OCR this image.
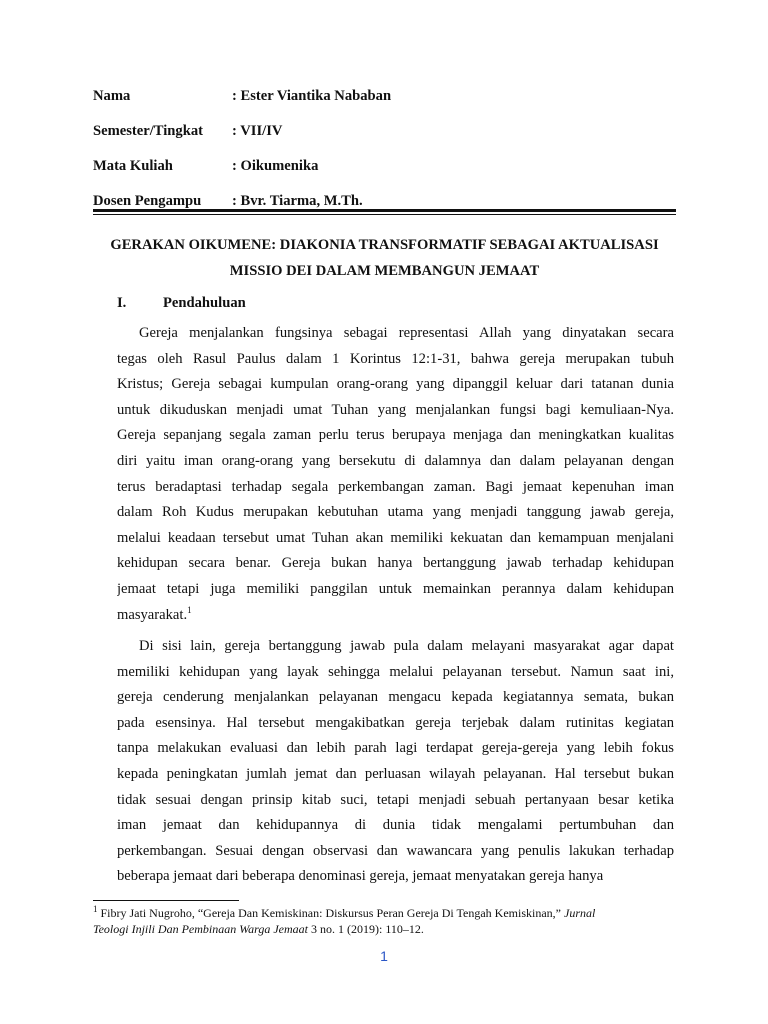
Nama	: Ester Viantika Nababan
Semester/Tingkat : VII/IV
Mata Kuliah	: Oikumenika
Dosen Pengampu : Bvr. Tiarma, M.Th.
GERAKAN OIKUMENE: DIAKONIA TRANSFORMATIF SEBAGAI AKTUALISASI
MISSIO DEI DALAM MEMBANGUN JEMAAT
I.	Pendahuluan
Gereja menjalankan fungsinya sebagai representasi Allah yang dinyatakan secara
tegas oleh Rasul Paulus dalam 1 Korintus 12:1-31, bahwa gereja merupakan tubuh
Kristus; Gereja sebagai kumpulan orang-orang yang dipanggil keluar dari tatanan dunia
untuk dikuduskan menjadi umat Tuhan yang menjalankan fungsi bagi kemuliaan-Nya.
Gereja sepanjang segala zaman perlu terus berupaya menjaga dan meningkatkan kualitas
diri yaitu iman orang-orang yang bersekutu di dalamnya dan dalam pelayanan dengan
terus beradaptasi terhadap segala perkembangan zaman. Bagi jemaat kepenuhan iman
dalam Roh Kudus merupakan kebutuhan utama yang menjadi tanggung jawab gereja,
melalui keadaan tersebut umat Tuhan akan memiliki kekuatan dan kemampuan menjalani
kehidupan secara benar. Gereja bukan hanya bertanggung jawab terhadap kehidupan
jemaat tetapi juga memiliki panggilan untuk memainkan perannya dalam kehidupan
masyarakat.$^1$
Di sisi lain, gereja bertanggung jawab pula dalam melayani masyarakat agar dapat
memiliki kehidupan yang layak sehingga melalui pelayanan tersebut. Namun saat ini,
gereja cenderung menjalankan pelayanan mengacu kepada kegiatannya semata, bukan
pada esensinya. Hal tersebut mengakibatkan gereja terjebak dalam rutinitas kegiatan
tanpa melakukan evaluasi dan lebih parah lagi terdapat gereja-gereja yang lebih fokus
kepada peningkatan jumlah jemat dan perluasan wilayah pelayanan. Hal tersebut bukan
tidak sesuai dengan prinsip kitab suci, tetapi menjadi sebuah pertanyaan besar ketika
iman jemaat dan kehidupannya di dunia tidak mengalami pertumbuhan dan
perkembangan. Sesuai dengan observasi dan wawancara yang penulis lakukan terhadap
beberapa jemaat dari beberapa denominasi gereja, jemaat menyatakan gereja hanya
$^1$ Fibry Jati Nugroho, “Gereja Dan Kemiskinan: Diskursus Peran Gereja Di Tengah Kemiskinan,” Jurnal
Teologi Injili Dan Pembinaan Warga Jemaat 3 no. 1 (2019): 110–12.
1
